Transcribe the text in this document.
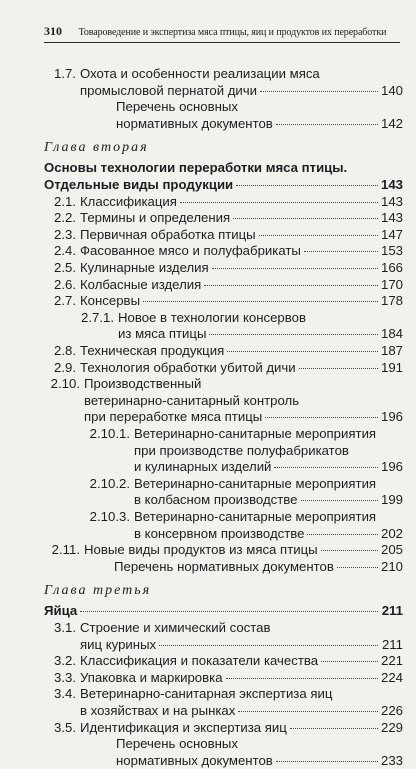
310 Товароведение и экспертиза мяса птицы, яиц и продуктов их переработки
1.7. Охота и особенности реализации мяса
промысловой пернатой дичи	140
Перечень основных
нормативных документов	142
Глава вторая
Основы технологии переработки мяса птицы.
Отдельные виды продукции	143
2.1. Классификация	143
2.2. Термины и определения	143
2.3. Первичная обработка птицы	147
2.4. Фасованное мясо и полуфабрикаты	153
2.5. Кулинарные изделия	166
2.6. Колбасные изделия	170
2.7. Консервы	178
2.7.1. Новое в технологии консервов
из мяса птицы	184
2.8. Техническая продукция	187
2.9. Технология обработки убитой дичи	191
2.10. Производственный
ветеринарно-санитарный контроль
при переработке мяса птицы	196
2.10.1. Ветеринарно-санитарные мероприятия
при производстве полуфабрикатов
и кулинарных изделий	196
2.10.2. Ветеринарно-санитарные мероприятия
в колбасном производстве	199
2.10.3. Ветеринарно-санитарные мероприятия
в консервном производстве	202
2.11. Новые виды продуктов из мяса птицы	205
Перечень нормативных документов	210
Глава третья
Яйца	211
3.1. Строение и химический состав
яиц куриных	211
3.2. Классификация и показатели качества	221
3.3. Упаковка и маркировка	224
3.4. Ветеринарно-санитарная экспертиза яиц
в хозяйствах и на рынках	226
3.5. Идентификация и экспертиза яиц	229
Перечень основных
нормативных документов	233
